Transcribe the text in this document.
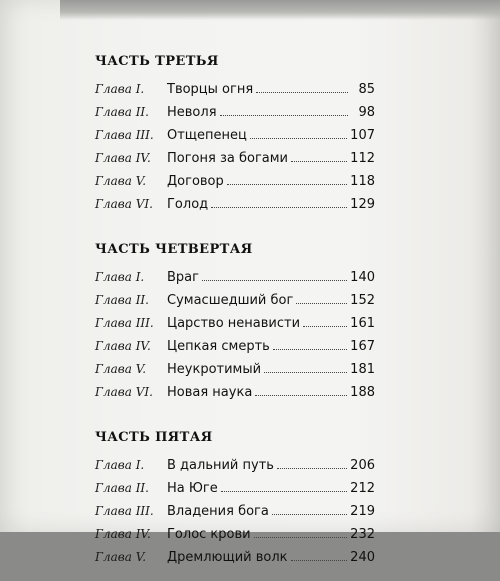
ЧАСТЬ ТРЕТЬЯ
Глава I.	Творцы огня	85
Глава II.	Неволя	98
Глава III.	Отщепенец	107
Глава IV.	Погоня за богами	112
Глава V.	Договор	118
Глава VI.	Голод	129
ЧАСТЬ ЧЕТВЕРТАЯ
Глава I.	Враг	140
Глава II.	Сумасшедший бог	152
Глава III.	Царство ненависти	161
Глава IV.	Цепкая смерть	167
Глава V.	Неукротимый	181
Глава VI.	Новая наука	188
ЧАСТЬ ПЯТАЯ
Глава I.	В дальний путь	206
Глава II.	На Юге	212
Глава III.	Владения бога	219
Глава IV.	Голос крови	232
Глава V.	Дремлющий волк	240
